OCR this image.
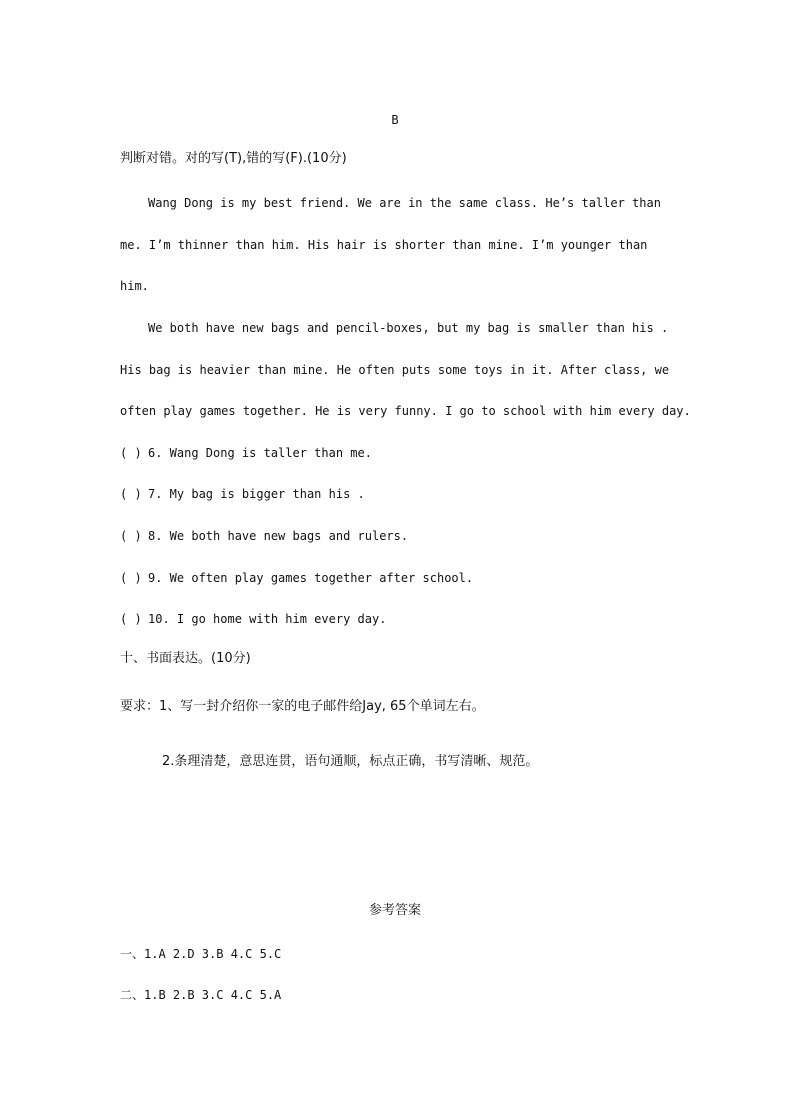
B
判断对错。对的写(T),错的写(F).(10分)
Wang Dong is my best friend. We are in the same class. He’s taller than
me. I’m thinner than him. His hair is shorter than mine. I’m younger than
him.
We both have new bags and pencil-boxes, but my bag is smaller than his .
His bag is heavier than mine. He often puts some toys in it. After class, we
often play games together. He is very funny. I go to school with him every day.
( ) 6. Wang Dong is taller than me.
( ) 7. My bag is bigger than his .
( ) 8. We both have new bags and rulers.
( ) 9. We often play games together after school.
( ) 10. I go home with him every day.
十、书面表达。(10分)
要求：1、写一封介绍你一家的电子邮件给Jay, 65个单词左右。
2.条理清楚，意思连贯，语句通顺，标点正确，书写清晰、规范。
参考答案
一、1.A 2.D 3.B 4.C 5.C
二、1.B 2.B 3.C 4.C 5.A
